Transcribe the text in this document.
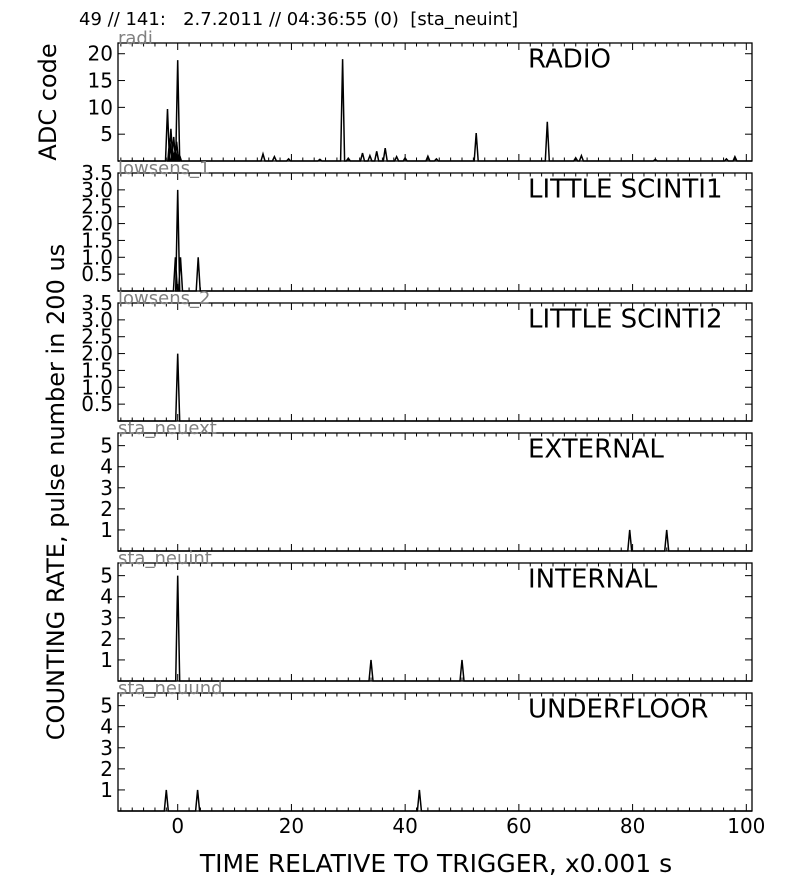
49 // 141:   2.7.2011 // 04:36:55 (0)  [sta_neuint]
5
10
15
20	RADIO
radi
0.5
1.0
1.5
2.0
2.5
3.0
3.5
LITTLE SCINTI1
lowsens_1
0.5
1.0
1.5
2.0
2.5
3.0
3.5
LITTLE SCINTI2
lowsens_2
1
2
3
4
5	EXTERNAL
sta_neuext
1
2
3
4
5	INTERNAL
sta_neuint
1
2
3
4
5	UNDERFLOOR
sta_neuund
0	20	40	60	80	100
TIME RELATIVE TO TRIGGER, x0.001 s
ADC code
COUNTING RATE, pulse number in 200 us
